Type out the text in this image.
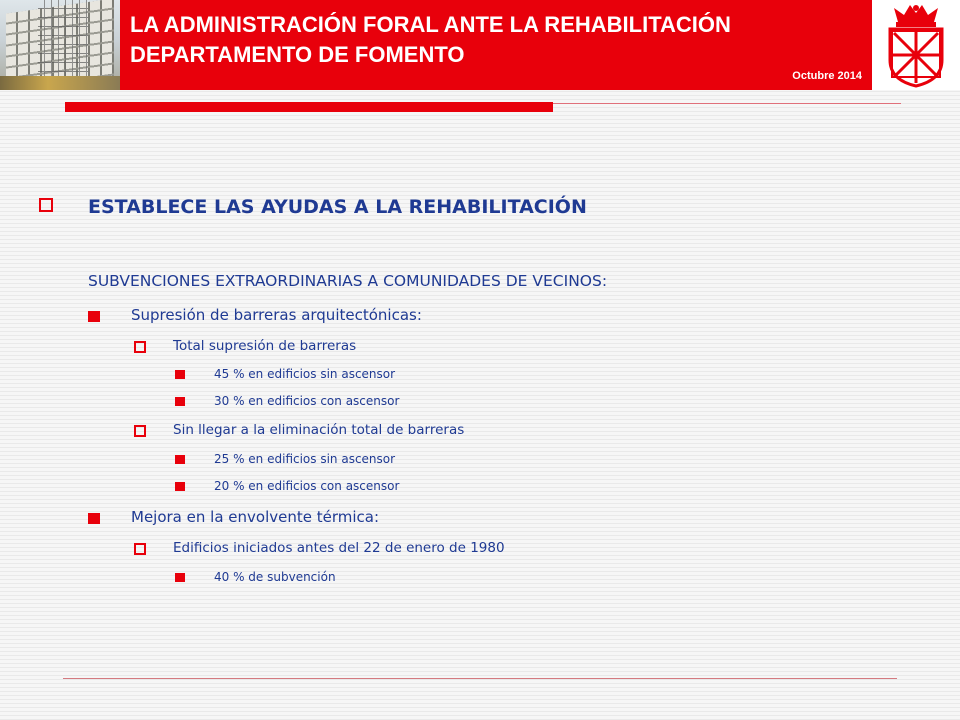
LA ADMINISTRACIÓN FORAL ANTE LA REHABILITACIÓN
DEPARTAMENTO DE FOMENTO
Octubre 2014
ESTABLECE LAS AYUDAS A LA REHABILITACIÓN
SUBVENCIONES EXTRAORDINARIAS A COMUNIDADES DE VECINOS:
Supresión de barreras arquitectónicas:
Total supresión de barreras
45 % en edificios sin ascensor
30 % en edificios con ascensor
Sin llegar a la eliminación total de barreras
25 % en edificios sin ascensor
20 % en edificios con ascensor
Mejora en la envolvente térmica:
Edificios iniciados antes del 22 de enero de 1980
40 % de subvención
